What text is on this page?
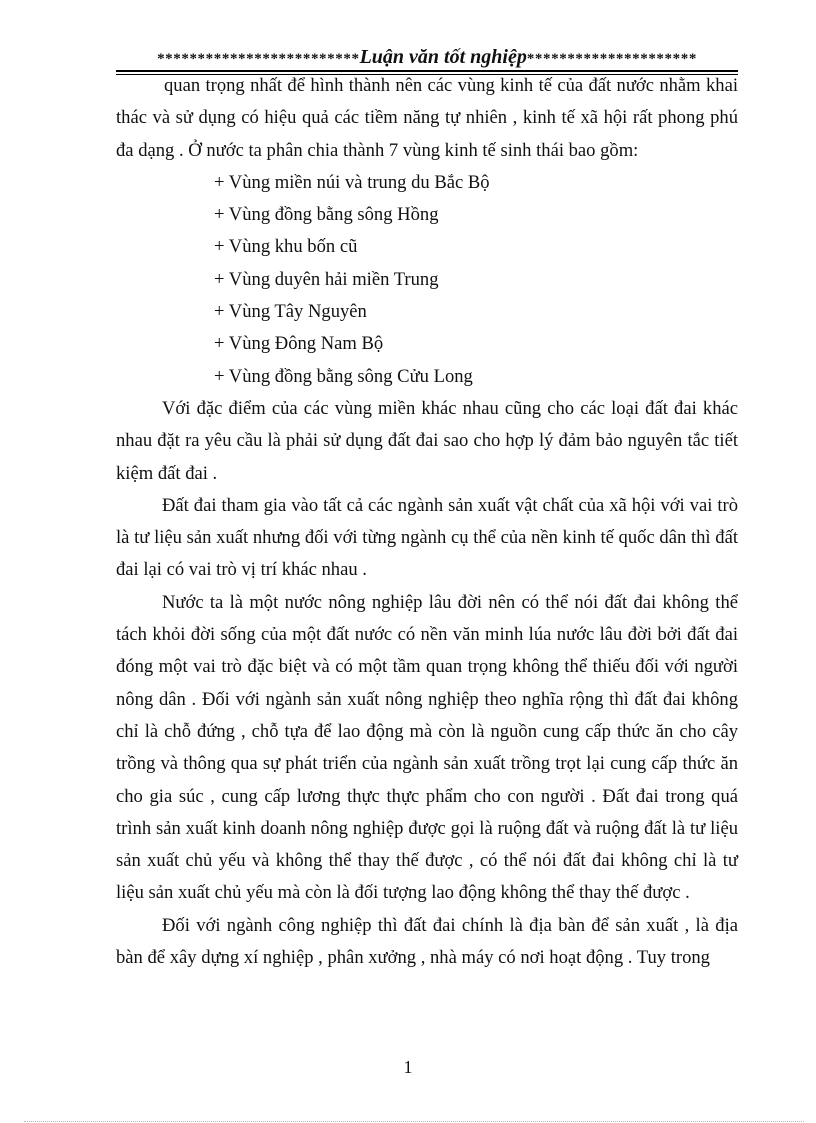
*************************Luận văn tốt nghiệp*********************

quan trọng nhất để hình thành nên các vùng kinh tế của đất nước nhằm khai thác và sử dụng có hiệu quả các tiềm năng tự nhiên , kinh tế xã hội rất phong phú đa dạng . Ở nước ta phân chia thành 7 vùng kinh tế sinh thái bao gồm:

+ Vùng miền núi và trung du Bắc Bộ
+ Vùng đồng bằng sông Hồng
+ Vùng khu bốn cũ
+ Vùng duyên hải miền Trung
+ Vùng Tây Nguyên
+ Vùng Đông Nam Bộ
+ Vùng đồng bằng sông Cửu Long

Với đặc điểm của các vùng miền khác nhau cũng cho các loại đất đai khác nhau đặt ra yêu cầu là phải sử dụng đất đai sao cho hợp lý đảm bảo nguyên tắc tiết kiệm đất đai .

Đất đai tham gia vào tất cả các ngành sản xuất vật chất của xã hội với vai trò là tư liệu sản xuất nhưng đối với từng ngành cụ thể của nền kinh tế quốc dân thì đất đai lại có vai trò vị trí khác nhau .

Nước ta là một nước nông nghiệp lâu đời nên có thể nói đất đai không thể tách khỏi đời sống của một đất nước có nền văn minh lúa nước lâu đời bởi đất đai đóng một vai trò đặc biệt và có một tầm quan trọng không thể thiếu đối với người nông dân . Đối với ngành sản xuất nông nghiệp theo nghĩa rộng thì đất đai không chỉ là chỗ đứng , chỗ tựa để lao động mà còn là nguồn cung cấp thức ăn cho cây trồng và thông qua sự phát triển của ngành sản xuất trồng trọt lại cung cấp thức ăn cho gia súc , cung cấp lương thực thực phẩm cho con người . Đất đai trong quá trình sản xuất kinh doanh nông nghiệp được gọi là ruộng đất và ruộng đất là tư liệu sản xuất chủ yếu và không thể thay thế được , có thể nói đất đai không chỉ là tư liệu sản xuất chủ yếu mà còn là đối tượng lao động không thể thay thế được .

Đối với ngành công nghiệp thì đất đai chính là địa bàn để sản xuất , là địa bàn để xây dựng xí nghiệp , phân xưởng , nhà máy có nơi hoạt động . Tuy trong

1
